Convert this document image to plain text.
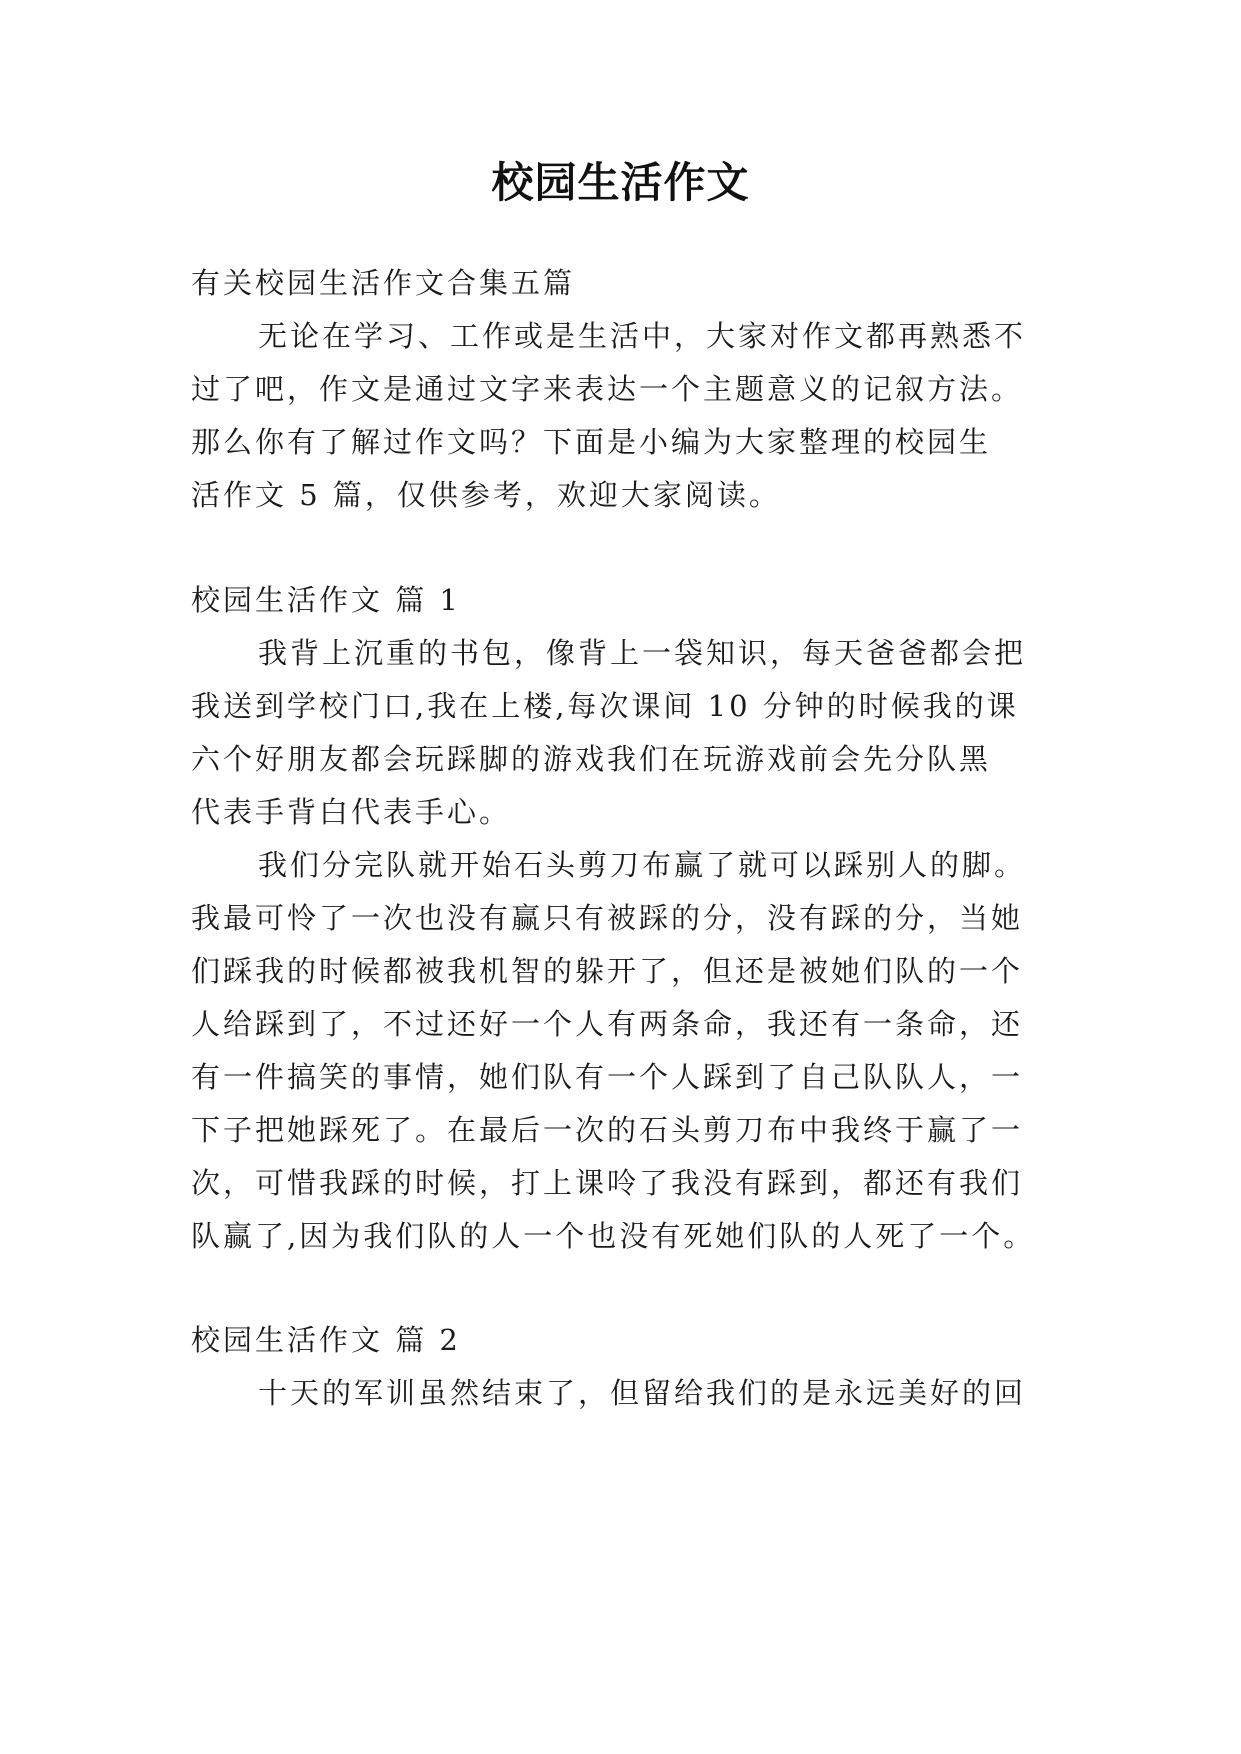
校园生活作文
有关校园生活作文合集五篇
无论在学习、工作或是生活中，大家对作文都再熟悉不
过了吧，作文是通过文字来表达一个主题意义的记叙方法。
那么你有了解过作文吗？下面是小编为大家整理的校园生
活作文 5 篇，仅供参考，欢迎大家阅读。
校园生活作文 篇 1
我背上沉重的书包，像背上一袋知识，每天爸爸都会把
我送到学校门口,我在上楼,每次课间 10 分钟的时候我的课
六个好朋友都会玩踩脚的游戏我们在玩游戏前会先分队黑
代表手背白代表手心。
我们分完队就开始石头剪刀布赢了就可以踩别人的脚。
我最可怜了一次也没有赢只有被踩的分，没有踩的分，当她
们踩我的时候都被我机智的躲开了，但还是被她们队的一个
人给踩到了，不过还好一个人有两条命，我还有一条命，还
有一件搞笑的事情，她们队有一个人踩到了自己队队人，一
下子把她踩死了。在最后一次的石头剪刀布中我终于赢了一
次，可惜我踩的时候，打上课呤了我没有踩到，都还有我们
队赢了,因为我们队的人一个也没有死她们队的人死了一个。
校园生活作文 篇 2
十天的军训虽然结束了，但留给我们的是永远美好的回
